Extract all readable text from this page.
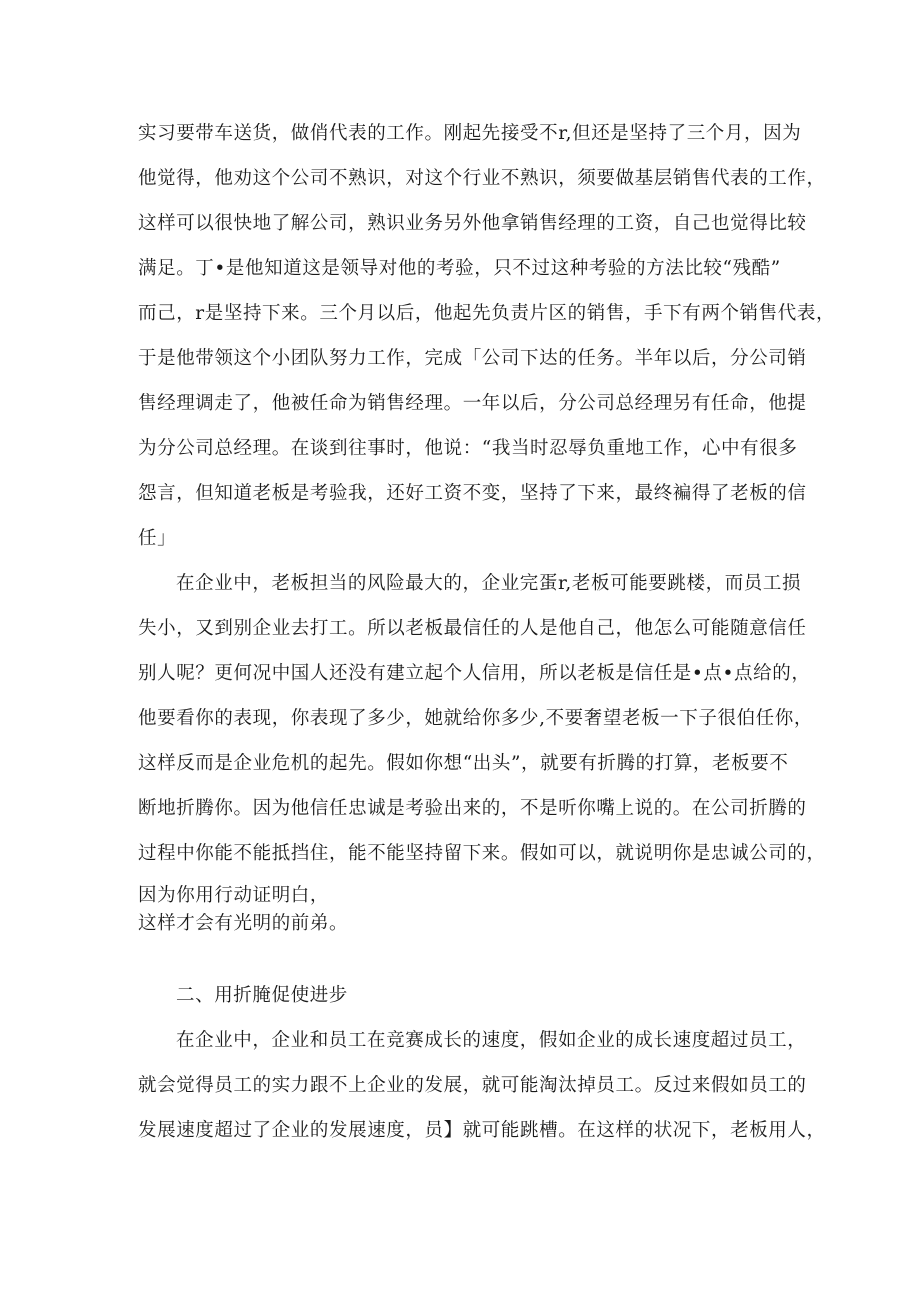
实习要带车送货，做俏代表的工作。刚起先接受不r,但还是坚持了三个月，因为
他觉得，他劝这个公司不熟识，对这个行业不熟识，须要做基层销售代表的工作，
这样可以很快地了解公司，熟识业务另外他拿销售经理的工资，自己也觉得比较
满足。丁•是他知道这是领导对他的考验，只不过这种考验的方法比较“残酷”
而己，r是坚持下来。三个月以后，他起先负责片区的销售，手下有两个销售代表，
于是他带领这个小团队努力工作，完成「公司下达的任务。半年以后，分公司销
售经理调走了，他被任命为销售经理。一年以后，分公司总经理另有任命，他提
为分公司总经理。在谈到往事时，他说：“我当时忍辱负重地工作，心中有很多
怨言，但知道老板是考验我，还好工资不变，坚持了下来，最终褊得了老板的信
任」
在企业中，老板担当的风险最大的，企业完蛋r,老板可能要跳楼，而员工损
失小，又到别企业去打工。所以老板最信任的人是他自己，他怎么可能随意信任
别人呢？更何况中国人还没有建立起个人信用，所以老板是信任是•点•点给的，
他要看你的表现，你表现了多少，她就给你多少,不要奢望老板一下子很伯任你，
这样反而是企业危机的起先。假如你想“出头”，就要有折腾的打算，老板要不
断地折腾你。因为他信任忠诚是考验出来的，不是听你嘴上说的。在公司折腾的
过程中你能不能抵挡住，能不能坚持留下来。假如可以，就说明你是忠诚公司的，
因为你用行动证明白，
这样才会有光明的前弟。
二、用折腌促使进步
在企业中，企业和员工在竞赛成长的速度，假如企业的成长速度超过员工，
就会觉得员工的实力跟不上企业的发展，就可能淘汰掉员工。反过来假如员工的
发展速度超过了企业的发展速度，员】就可能跳槽。在这样的状况下，老板用人，
